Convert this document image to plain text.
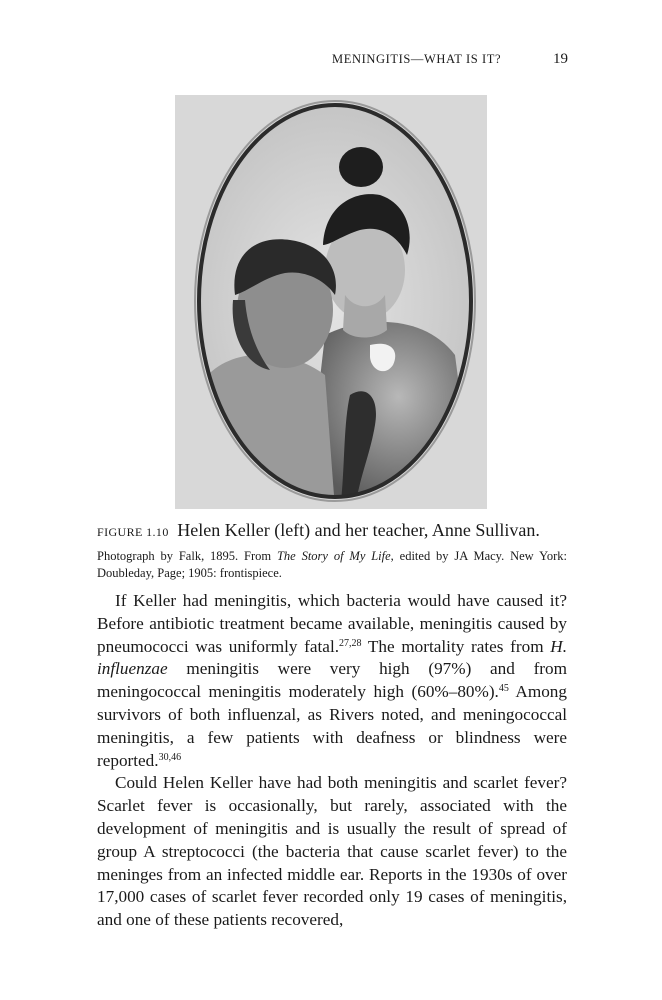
MENINGITIS—WHAT IS IT?	19
FIGURE 1.10 Helen Keller (left) and her teacher, Anne Sullivan.
Photograph by Falk, 1895. From The Story of My Life, edited by JA Macy. New York: Doubleday, Page; 1905: frontispiece.

If Keller had meningitis, which bacteria would have caused it? Before antibiotic treatment became available, meningitis caused by pneumococci was uniformly fatal.$^{27,28}$ The mortality rates from H. influenzae meningitis were very high (97%) and from meningococcal meningitis moderately high (60%–80%).$^{45}$ Among survivors of both influenzal, as Rivers noted, and meningococcal meningitis, a few patients with deafness or blindness were reported.$^{30,46}$

Could Helen Keller have had both meningitis and scarlet fever? Scarlet fever is occasionally, but rarely, associated with the development of meningitis and is usually the result of spread of group A streptococci (the bacteria that cause scarlet fever) to the meninges from an infected middle ear. Reports in the 1930s of over 17,000 cases of scarlet fever recorded only 19 cases of meningitis, and one of these patients recovered,
